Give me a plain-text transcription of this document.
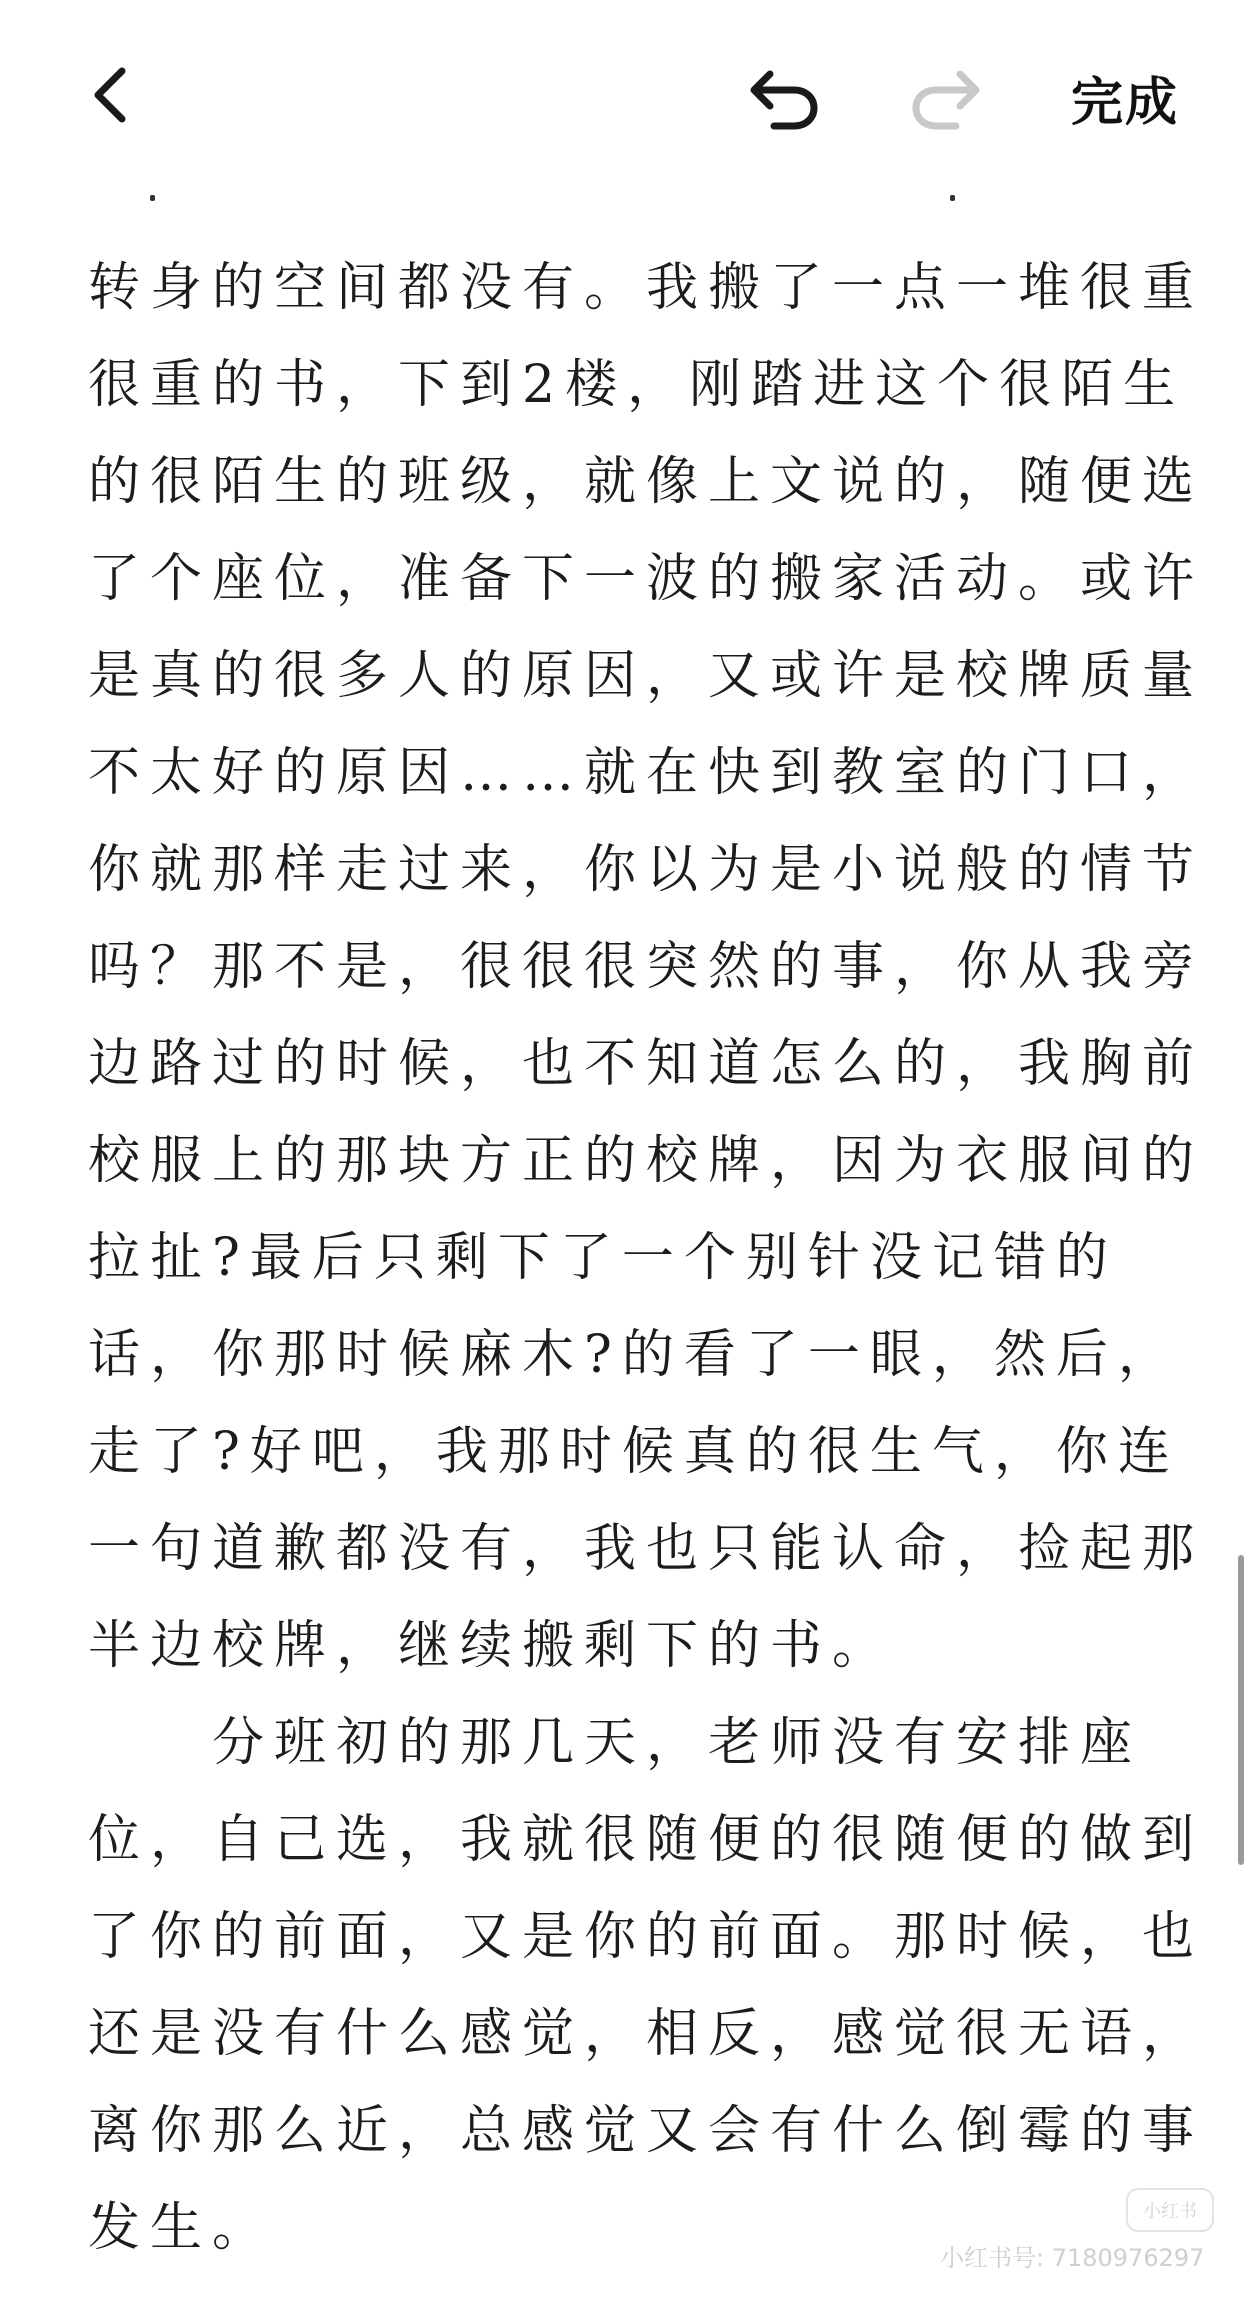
完成
转身的空间都没有。我搬了一点一堆很重
很重的书，下到2楼，刚踏进这个很陌生
的很陌生的班级，就像上文说的，随便选
了个座位，准备下一波的搬家活动。或许
是真的很多人的原因，又或许是校牌质量
不太好的原因……就在快到教室的门口，
你就那样走过来，你以为是小说般的情节
吗？那不是，很很很突然的事，你从我旁
边路过的时候，也不知道怎么的，我胸前
校服上的那块方正的校牌，因为衣服间的
拉扯?最后只剩下了一个别针没记错的
话，你那时候麻木?的看了一眼，然后，
走了?好吧，我那时候真的很生气，你连
一句道歉都没有，我也只能认命，捡起那
半边校牌，继续搬剩下的书。
　　分班初的那几天，老师没有安排座
位，自己选，我就很随便的很随便的做到
了你的前面，又是你的前面。那时候，也
还是没有什么感觉，相反，感觉很无语，
离你那么近，总感觉又会有什么倒霉的事
发生。	小红书
小红书号: 7180976297
